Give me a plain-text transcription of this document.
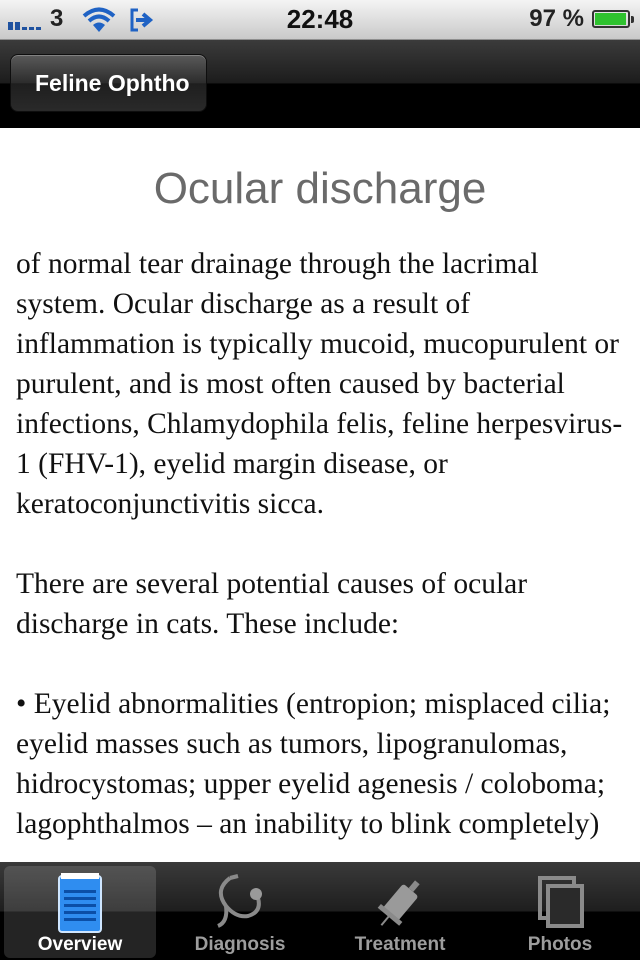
3	22:48	97 %
Feline Ophtho
Ocular discharge

of normal tear drainage through the lacrimal system. Ocular discharge as a result of inflammation is typically mucoid, mucopurulent or purulent, and is most often caused by bacterial infections, Chlamydophila felis, feline herpesvirus-1 (FHV-1), eyelid margin disease, or keratoconjunctivitis sicca.

There are several potential causes of ocular discharge in cats. These include:

• Eyelid abnormalities (entropion; misplaced cilia; eyelid masses such as tumors, lipogranulomas, hidrocystomas; upper eyelid agenesis / coloboma; lagophthalmos – an inability to blink completely)

Overview	Diagnosis	Treatment	Photos
